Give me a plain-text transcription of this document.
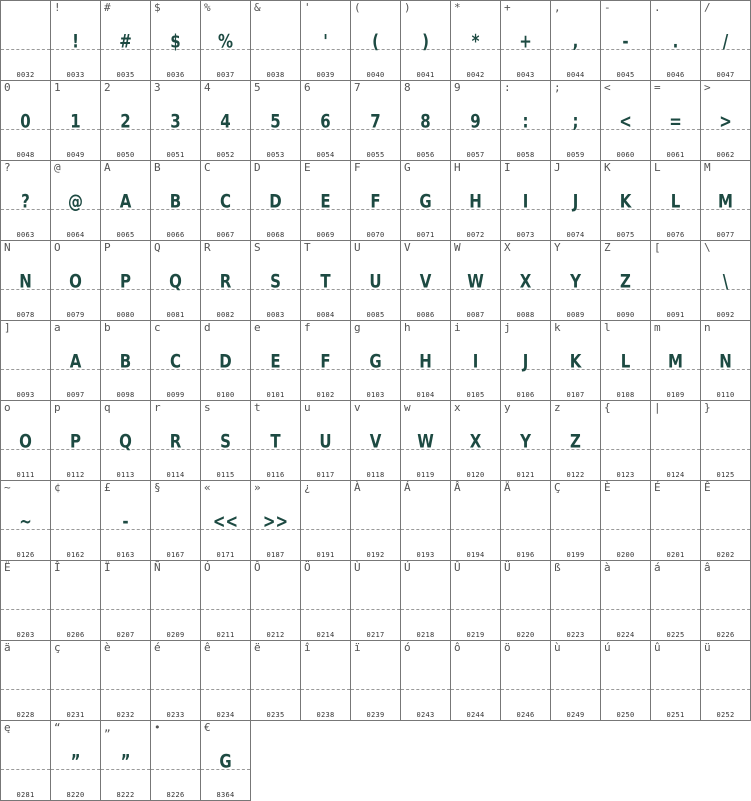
0032
!
!
0033
#
#
0035
$
$
0036
%
%
0037
&
0038
'
'
0039
(
(
0040
)
)
0041
*
*
0042
+
+
0043
,
,
0044
-
-
0045
.
.
0046
/
/
0047
0
0
0048
1
1
0049
2
2
0050
3
3
0051
4
4
0052
5
5
0053
6
6
0054
7
7
0055
8
8
0056
9
9
0057
:
:
0058
;
;
0059
<
<
0060
=
=
0061
>
>
0062
?
?
0063
@
@
0064
A
A
0065
B
B
0066
C
C
0067
D
D
0068
E
E
0069
F
F
0070
G
G
0071
H
H
0072
I
I
0073
J
J
0074
K
K
0075
L
L
0076
M
M
0077
N
N
0078
O
O
0079
P
P
0080
Q
Q
0081
R
R
0082
S
S
0083
T
T
0084
U
U
0085
V
V
0086
W
W
0087
X
X
0088
Y
Y
0089
Z
Z
0090
[
0091
\
\
0092
]
0093
a
A
0097
b
B
0098
c
C
0099
d
D
0100
e
E
0101
f
F
0102
g
G
0103
h
H
0104
i
I
0105
j
J
0106
k
K
0107
l
L
0108
m
M
0109
n
N
0110
o
O
0111
p
P
0112
q
Q
0113
r
R
0114
s
S
0115
t
T
0116
u
U
0117
v
V
0118
w
W
0119
x
X
0120
y
Y
0121
z
Z
0122
{
0123
|
0124
}
0125
~
~
0126
¢
0162
£
-
0163
§
0167
«
<<
0171
»
>>
0187
¿
0191
À
0192
Á
0193
Â
0194
Ä
0196
Ç
0199
È
0200
É
0201
Ê
0202
Ë
0203
Î
0206
Ï
0207
Ñ
0209
Ó
0211
Ô
0212
Ö
0214
Ù
0217
Ú
0218
Û
0219
Ü
0220
ß
0223
à
0224
á
0225
â
0226
ä
0228
ç
0231
è
0232
é
0233
ê
0234
ë
0235
î
0238
ï
0239
ó
0243
ô
0244
ö
0246
ù
0249
ú
0250
û
0251
ü
0252
ę
0281
“
”
8220
„
”
8222
•
8226
€
G
8364
